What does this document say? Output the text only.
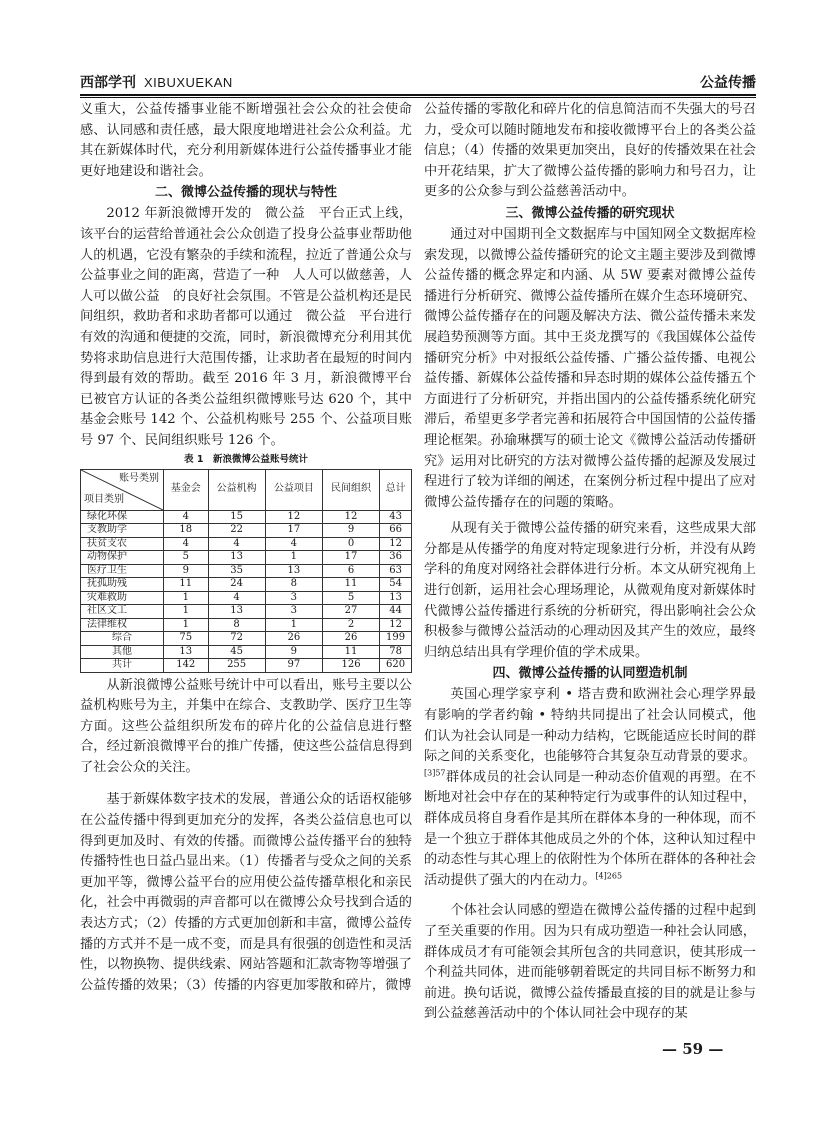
西部学刊 XIBUXUEKAN	公益传播

义重大，公益传播事业能不断增强社会公众的社会使命感、认同感和责任感，最大限度地增进社会公众利益。尤其在新媒体时代，充分利用新媒体进行公益传播事业才能更好地建设和谐社会。

二、微博公益传播的现状与特性

2012 年新浪微博开发的　微公益　平台正式上线，该平台的运营给普通社会公众创造了投身公益事业帮助他人的机遇，它没有繁杂的手续和流程，拉近了普通公众与公益事业之间的距离，营造了一种　人人可以做慈善，人人可以做公益　的良好社会氛围。不管是公益机构还是民间组织，救助者和求助者都可以通过　微公益　平台进行有效的沟通和便捷的交流，同时，新浪微博充分利用其优势将求助信息进行大范围传播，让求助者在最短的时间内得到最有效的帮助。截至 2016 年 3 月，新浪微博平台已被官方认证的各类公益组织微博账号达 620 个，其中基金会账号 142 个、公益机构账号 255 个、公益项目账号 97 个、民间组织账号 126 个。

表 1　新浪微博公益账号统计
账号类别
项目类别	基金会	公益机构	公益项目	民间组织	总计
绿化环保	4	15	12	12	43
支教助学	18	22	17	9	66
扶贫支农	4	4	4	0	12
动物保护	5	13	1	17	36
医疗卫生	9	35	13	6	63
抚孤助残	11	24	8	11	54
灾难救助	1	4	3	5	13
社区文工	1	13	3	27	44
法律维权	1	8	1	2	12
综合	75	72	26	26	199
其他	13	45	9	11	78
共计	142	255	97	126	620

从新浪微博公益账号统计中可以看出，账号主要以公益机构账号为主，并集中在综合、支教助学、医疗卫生等方面。这些公益组织所发布的碎片化的公益信息进行整合，经过新浪微博平台的推广传播，使这些公益信息得到了社会公众的关注。

基于新媒体数字技术的发展，普通公众的话语权能够在公益传播中得到更加充分的发挥，各类公益信息也可以得到更加及时、有效的传播。而微博公益传播平台的独特传播特性也日益凸显出来。（1）传播者与受众之间的关系更加平等，微博公益平台的应用使公益传播草根化和亲民化，社会中再微弱的声音都可以在微博公众号找到合适的表达方式；（2）传播的方式更加创新和丰富，微博公益传播的方式并不是一成不变，而是具有很强的创造性和灵活性，以物换物、提供线索、网站答题和汇款寄物等增强了公益传播的效果；（3）传播的内容更加零散和碎片，微博

公益传播的零散化和碎片化的信息简洁而不失强大的号召力，受众可以随时随地发布和接收微博平台上的各类公益信息；（4）传播的效果更加突出，良好的传播效果在社会中开花结果，扩大了微博公益传播的影响力和号召力，让更多的公众参与到公益慈善活动中。

三、微博公益传播的研究现状

通过对中国期刊全文数据库与中国知网全文数据库检索发现，以微博公益传播研究的论文主题主要涉及到微博公益传播的概念界定和内涵、从 5W 要素对微博公益传播进行分析研究、微博公益传播所在媒介生态环境研究、微博公益传播存在的问题及解决方法、微公益传播未来发展趋势预测等方面。其中王炎龙撰写的《我国媒体公益传播研究分析》中对报纸公益传播、广播公益传播、电视公益传播、新媒体公益传播和异态时期的媒体公益传播五个方面进行了分析研究，并指出国内的公益传播系统化研究滞后，希望更多学者完善和拓展符合中国国情的公益传播理论框架。孙瑜琳撰写的硕士论文《微博公益活动传播研究》运用对比研究的方法对微博公益传播的起源及发展过程进行了较为详细的阐述，在案例分析过程中提出了应对微博公益传播存在的问题的策略。

从现有关于微博公益传播的研究来看，这些成果大部分都是从传播学的角度对特定现象进行分析，并没有从跨学科的角度对网络社会群体进行分析。本文从研究视角上进行创新，运用社会心理场理论，从微观角度对新媒体时代微博公益传播进行系统的分析研究，得出影响社会公众积极参与微博公益活动的心理动因及其产生的效应，最终归纳总结出具有学理价值的学术成果。

四、微博公益传播的认同塑造机制

英国心理学家亨利 • 塔吉费和欧洲社会心理学界最有影响的学者约翰 • 特纳共同提出了社会认同模式，他们认为社会认同是一种动力结构，它既能适应长时间的群际之间的关系变化，也能够符合其复杂互动背景的要求。$^{[3]57}$群体成员的社会认同是一种动态价值观的再塑。在不断地对社会中存在的某种特定行为或事件的认知过程中，群体成员将自身看作是其所在群体本身的一种体现，而不是一个独立于群体其他成员之外的个体，这种认知过程中的动态性与其心理上的依附性为个体所在群体的各种社会活动提供了强大的内在动力。$^{[4]265}$

个体社会认同感的塑造在微博公益传播的过程中起到了至关重要的作用。因为只有成功塑造一种社会认同感，群体成员才有可能领会其所包含的共同意识，使其形成一个利益共同体，进而能够朝着既定的共同目标不断努力和前进。换句话说，微博公益传播最直接的目的就是让参与到公益慈善活动中的个体认同社会中现存的某

— 59 —
